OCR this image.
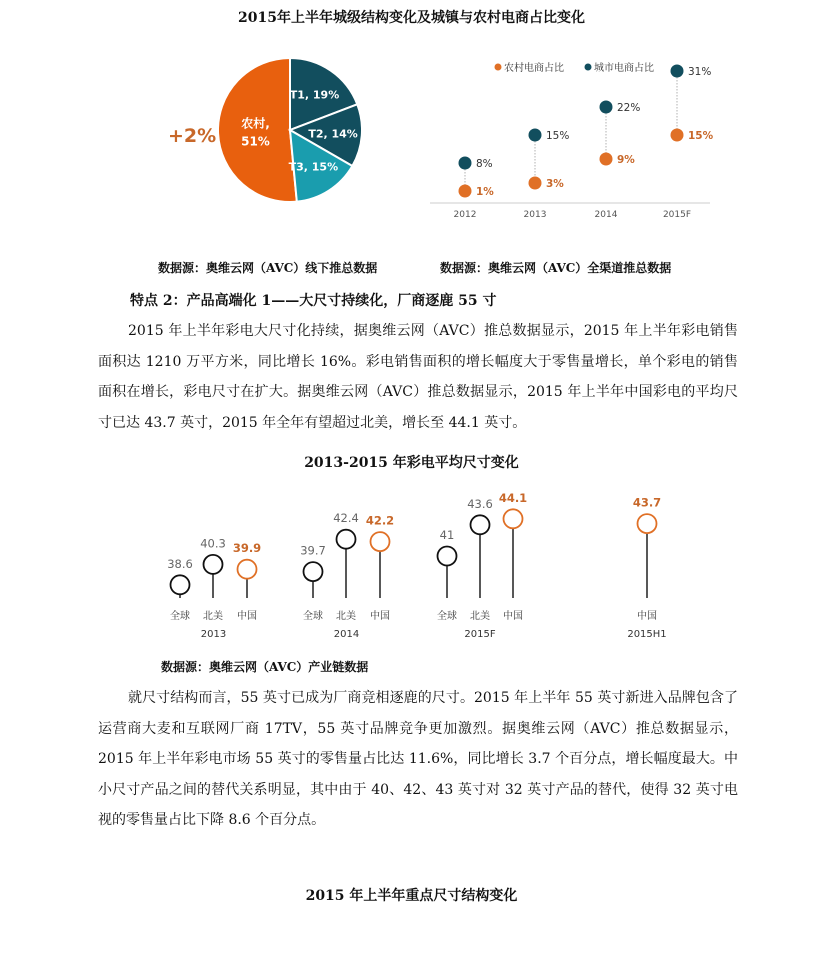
2015年上半年城级结构变化及城镇与农村电商占比变化
农村,
51%
T1, 19%
T2, 14%
T3, 15%
+2%
农村电商占比	城市电商占比
8%
1%
2012
15%
3%
2013
22%
9%
2014
31%
15%
2015F
数据源：奥维云网（AVC）线下推总数据	数据源：奥维云网（AVC）全渠道推总数据
特点 2：产品高端化 1——大尺寸持续化，厂商逐鹿 55 寸

2015 年上半年彩电大尺寸化持续，据奥维云网（AVC）推总数据显示，2015 年上半年彩电销售面积达 1210 万平方米，同比增长 16%。彩电销售面积的增长幅度大于零售量增长，单个彩电的销售面积在增长，彩电尺寸在扩大。据奥维云网（AVC）推总数据显示，2015 年上半年中国彩电的平均尺寸已达 43.7 英寸，2015 年全年有望超过北美，增长至 44.1 英寸。

2013-2015 年彩电平均尺寸变化
38.6
全球
40.3
北美
39.9
中国
2013
39.7
全球
42.4
北美
42.2
中国
2014
41
全球
43.6
北美
44.1
中国
2015F
43.7
中国
2015H1
数据源：奥维云网（AVC）产业链数据

就尺寸结构而言，55 英寸已成为厂商竞相逐鹿的尺寸。2015 年上半年 55 英寸新进入品牌包含了运营商大麦和互联网厂商 17TV，55 英寸品牌竞争更加激烈。据奥维云网（AVC）推总数据显示，2015 年上半年彩电市场 55 英寸的零售量占比达 11.6%，同比增长 3.7 个百分点，增长幅度最大。中小尺寸产品之间的替代关系明显，其中由于 40、42、43 英寸对 32 英寸产品的替代，使得 32 英寸电视的零售量占比下降 8.6 个百分点。

2015 年上半年重点尺寸结构变化
